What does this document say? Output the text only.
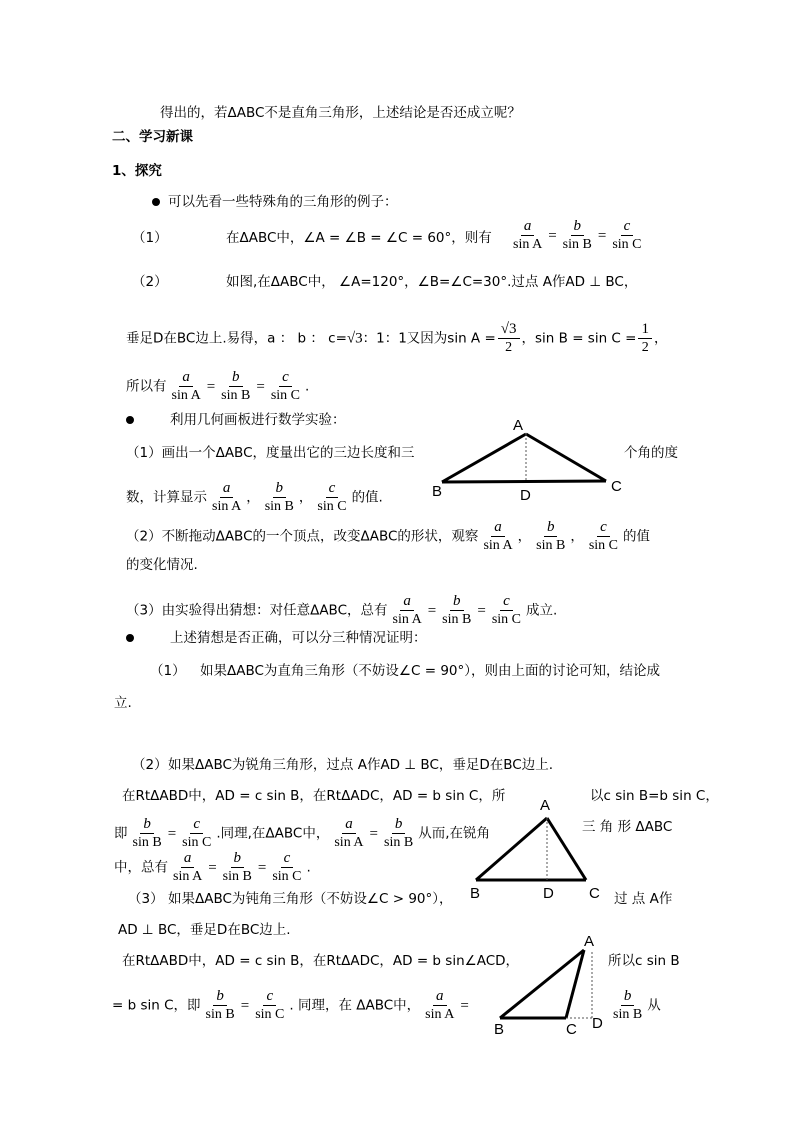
得出的，若ΔABC不是直角三角形，上述结论是否还成立呢？
二、学习新课
1、探究
可以先看一些特殊角的三角形的例子：
（1）	在ΔABC中，∠A = ∠B = ∠C = 60°，则有 $\frac{a}{\text{sin A}} = \frac{b}{\text{sin B}} = \frac{c}{\text{sin C}}$
（2）	如图,在ΔABC中， ∠A=120°，∠B=∠C=30°.过点 A作AD ⊥ BC，
垂足D在BC边上.易得，a ： b ： c=√3：1：1又因为$\sin A = \frac{√3}{2}$ ，$\sin B = \sin C = \frac{1}{2}$ ，
所以有 $\frac{a}{\text{sin A}} = \frac{b}{\text{sin B}} = \frac{c}{\text{sin C}}$ .
利用几何画板进行数学实验：	A
B	C
D
（1）画出一个ΔABC，度量出它的三边长度和三	个角的度
数，计算显示 $\frac{a}{\text{sin A}}$ ， $\frac{b}{\text{sin B}}$ ， $\frac{c}{\text{sin C}}$ 的值.
（2）不断拖动ΔABC的一个顶点，改变ΔABC的形状，观察 $\frac{a}{\text{sin A}}$ ， $\frac{b}{\text{sin B}}$ ， $\frac{c}{\text{sin C}}$ 的值
的变化情况.
（3）由实验得出猜想：对任意ΔABC，总有 $\frac{a}{\text{sin A}} = \frac{b}{\text{sin B}} = \frac{c}{\text{sin C}}$ 成立.
上述猜想是否正确，可以分三种情况证明：
（1） 如果ΔABC为直角三角形（不妨设∠C = 90°），则由上面的讨论可知，结论成
立.
（2） 如果ΔABC为锐角三角形，过点 A作AD ⊥ BC，垂足D在BC边上.
在RtΔABD中，AD = c sin B，在RtΔADC，AD = b sin C，所	以c sin B=b sin C，
A
B	C
D
即 $\frac{b}{\text{sin B}} = \frac{c}{\text{sin C}}$ .同理,在ΔABC中， $\frac{a}{\text{sin A}} = \frac{b}{\text{sin B}}$ 从而,在锐角	三 角 形 ΔABC
中，总有 $\frac{a}{\text{sin A}} = \frac{b}{\text{sin B}} = \frac{c}{\text{sin C}}$ .
（3） 如果ΔABC为钝角三角形（不妨设∠C > 90°），	过 点 A作
AD ⊥ BC，垂足D在BC边上.
A
B	C D
在RtΔABD中，AD = c sin B，在RtΔADC，AD = b sin∠ACD，	所以c sin B
= b sin C，即 $\frac{b}{\text{sin B}} = \frac{c}{\text{sin C}}$ . 同理，在 ΔABC中， $\frac{a}{\text{sin A}}$ =	$\frac{b}{\text{sin B}}$ 从
